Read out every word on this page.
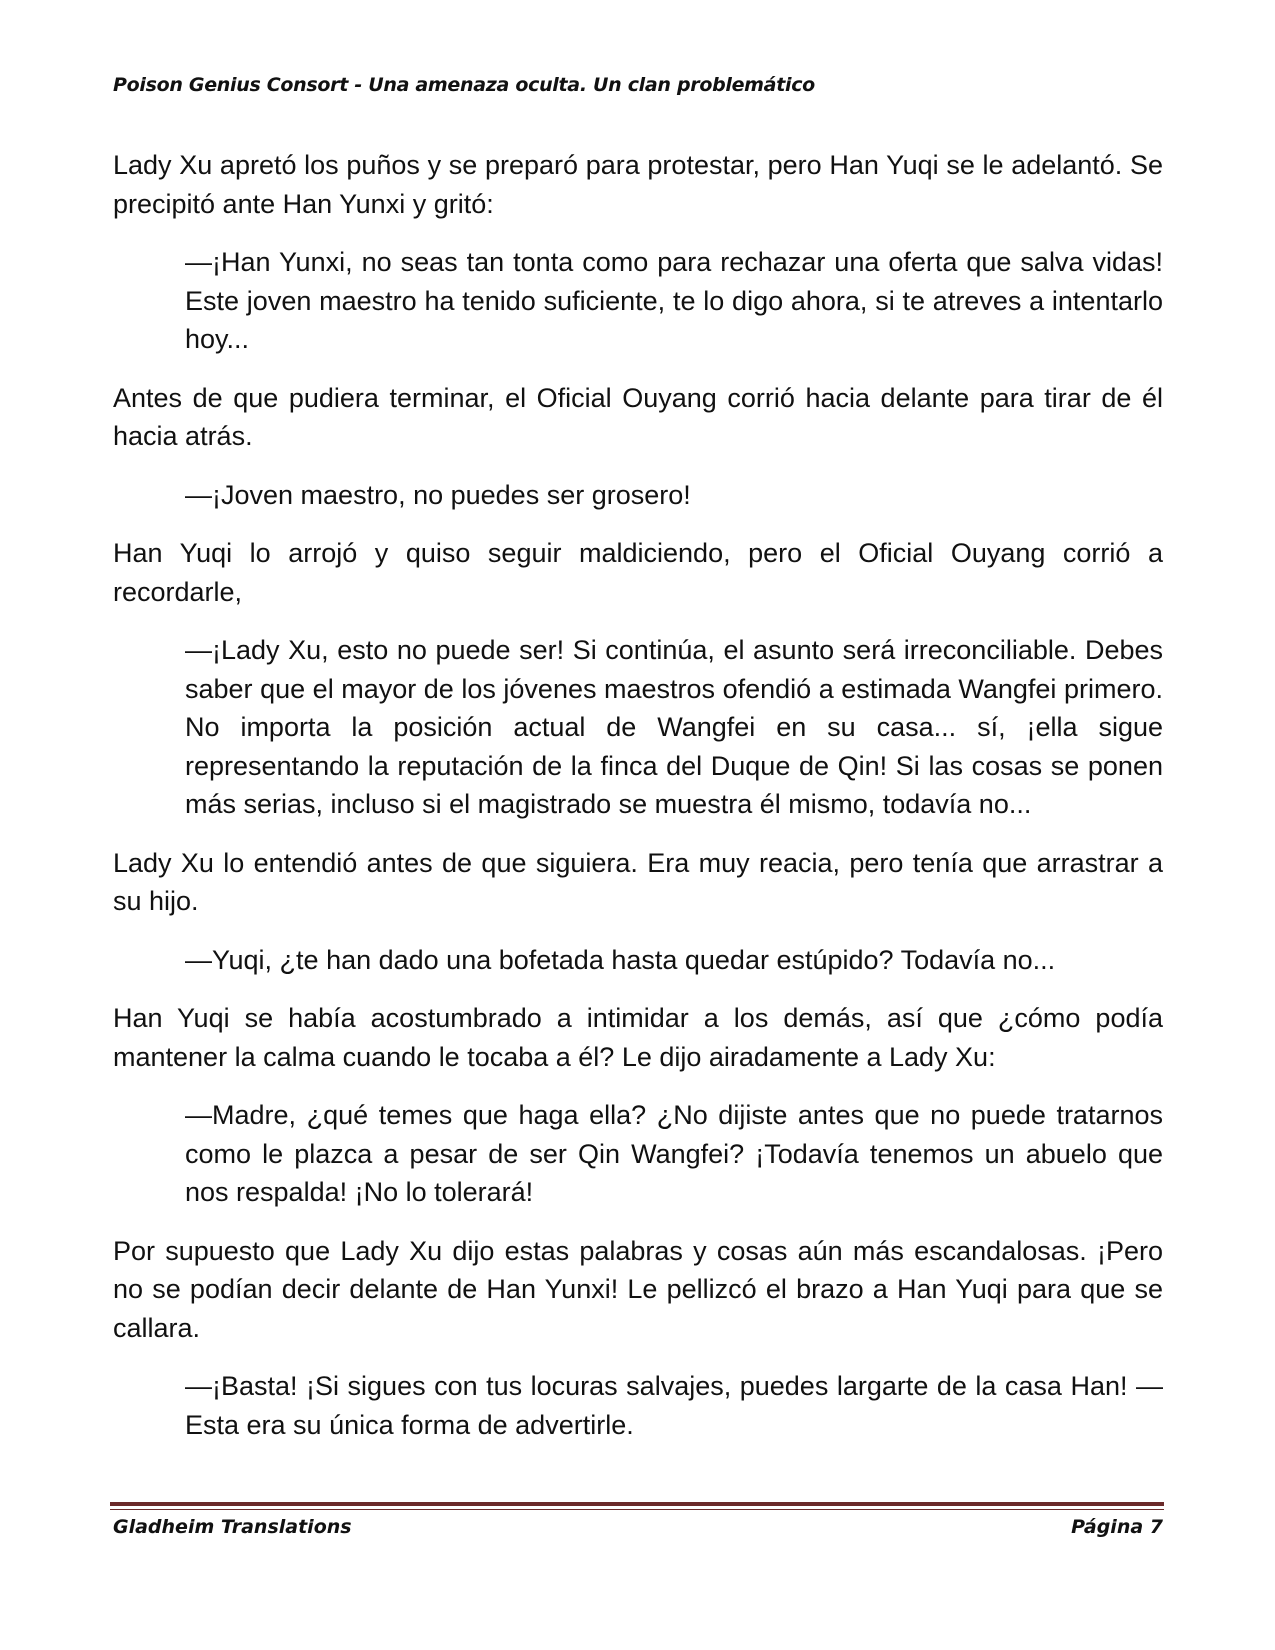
Poison Genius Consort - Una amenaza oculta. Un clan problemático

Lady Xu apretó los puños y se preparó para protestar, pero Han Yuqi se le adelantó. Se precipitó ante Han Yunxi y gritó:

—¡Han Yunxi, no seas tan tonta como para rechazar una oferta que salva vidas! Este joven maestro ha tenido suficiente, te lo digo ahora, si te atreves a intentarlo hoy...

Antes de que pudiera terminar, el Oficial Ouyang corrió hacia delante para tirar de él hacia atrás.

—¡Joven maestro, no puedes ser grosero!

Han Yuqi lo arrojó y quiso seguir maldiciendo, pero el Oficial Ouyang corrió a recordarle,

—¡Lady Xu, esto no puede ser! Si continúa, el asunto será irreconciliable. Debes saber que el mayor de los jóvenes maestros ofendió a estimada Wangfei primero. No importa la posición actual de Wangfei en su casa... sí, ¡ella sigue representando la reputación de la finca del Duque de Qin! Si las cosas se ponen más serias, incluso si el magistrado se muestra él mismo, todavía no...

Lady Xu lo entendió antes de que siguiera. Era muy reacia, pero tenía que arrastrar a su hijo.

—Yuqi, ¿te han dado una bofetada hasta quedar estúpido? Todavía no...

Han Yuqi se había acostumbrado a intimidar a los demás, así que ¿cómo podía mantener la calma cuando le tocaba a él? Le dijo airadamente a Lady Xu:

—Madre, ¿qué temes que haga ella? ¿No dijiste antes que no puede tratarnos como le plazca a pesar de ser Qin Wangfei? ¡Todavía tenemos un abuelo que nos respalda! ¡No lo tolerará!

Por supuesto que Lady Xu dijo estas palabras y cosas aún más escandalosas. ¡Pero no se podían decir delante de Han Yunxi! Le pellizcó el brazo a Han Yuqi para que se callara.

—¡Basta! ¡Si sigues con tus locuras salvajes, puedes largarte de la casa Han! —Esta era su única forma de advertirle.

Gladheim Translations	Página 7
